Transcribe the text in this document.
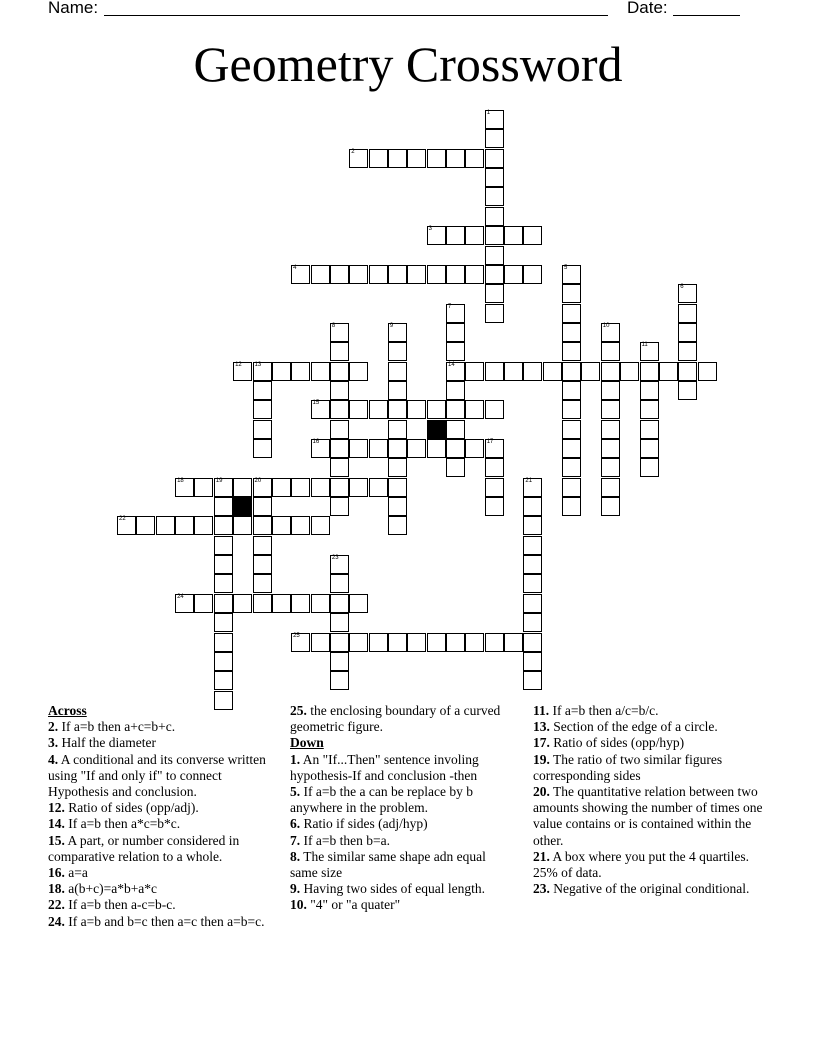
Name:	Date:
Geometry Crossword
2
3
4
12 13	14
15
16	17
18	19	20
22
24
25
1
5
6
7
8	9	10
11
21
23
Across
2. If a=b then a+c=b+c.
3. Half the diameter
4. A conditional and its converse written using "If and only if" to connect Hypothesis and conclusion.
12. Ratio of sides (opp/adj).
14. If a=b then a*c=b*c.
15. A part, or number considered in comparative relation to a whole.
16. a=a
18. a(b+c)=a*b+a*c
22. If a=b then a-c=b-c.
24. If a=b and b=c then a=c then a=b=c.
25. the enclosing boundary of a curved geometric figure.
Down
1. An "If...Then" sentence involing hypothesis-If and conclusion -then
5. If a=b the a can be replace by b anywhere in the problem.
6. Ratio if sides (adj/hyp)
7. If a=b then b=a.
8. The similar same shape adn equal same size
9. Having two sides of equal length.
10. "4" or "a quater"
11. If a=b then a/c=b/c.
13. Section of the edge of a circle.
17. Ratio of sides (opp/hyp)
19. The ratio of two similar figures corresponding sides
20. The quantitative relation between two amounts showing the number of times one value contains or is contained within the other.
21. A box where you put the 4 quartiles. 25% of data.
23. Negative of the original conditional.
